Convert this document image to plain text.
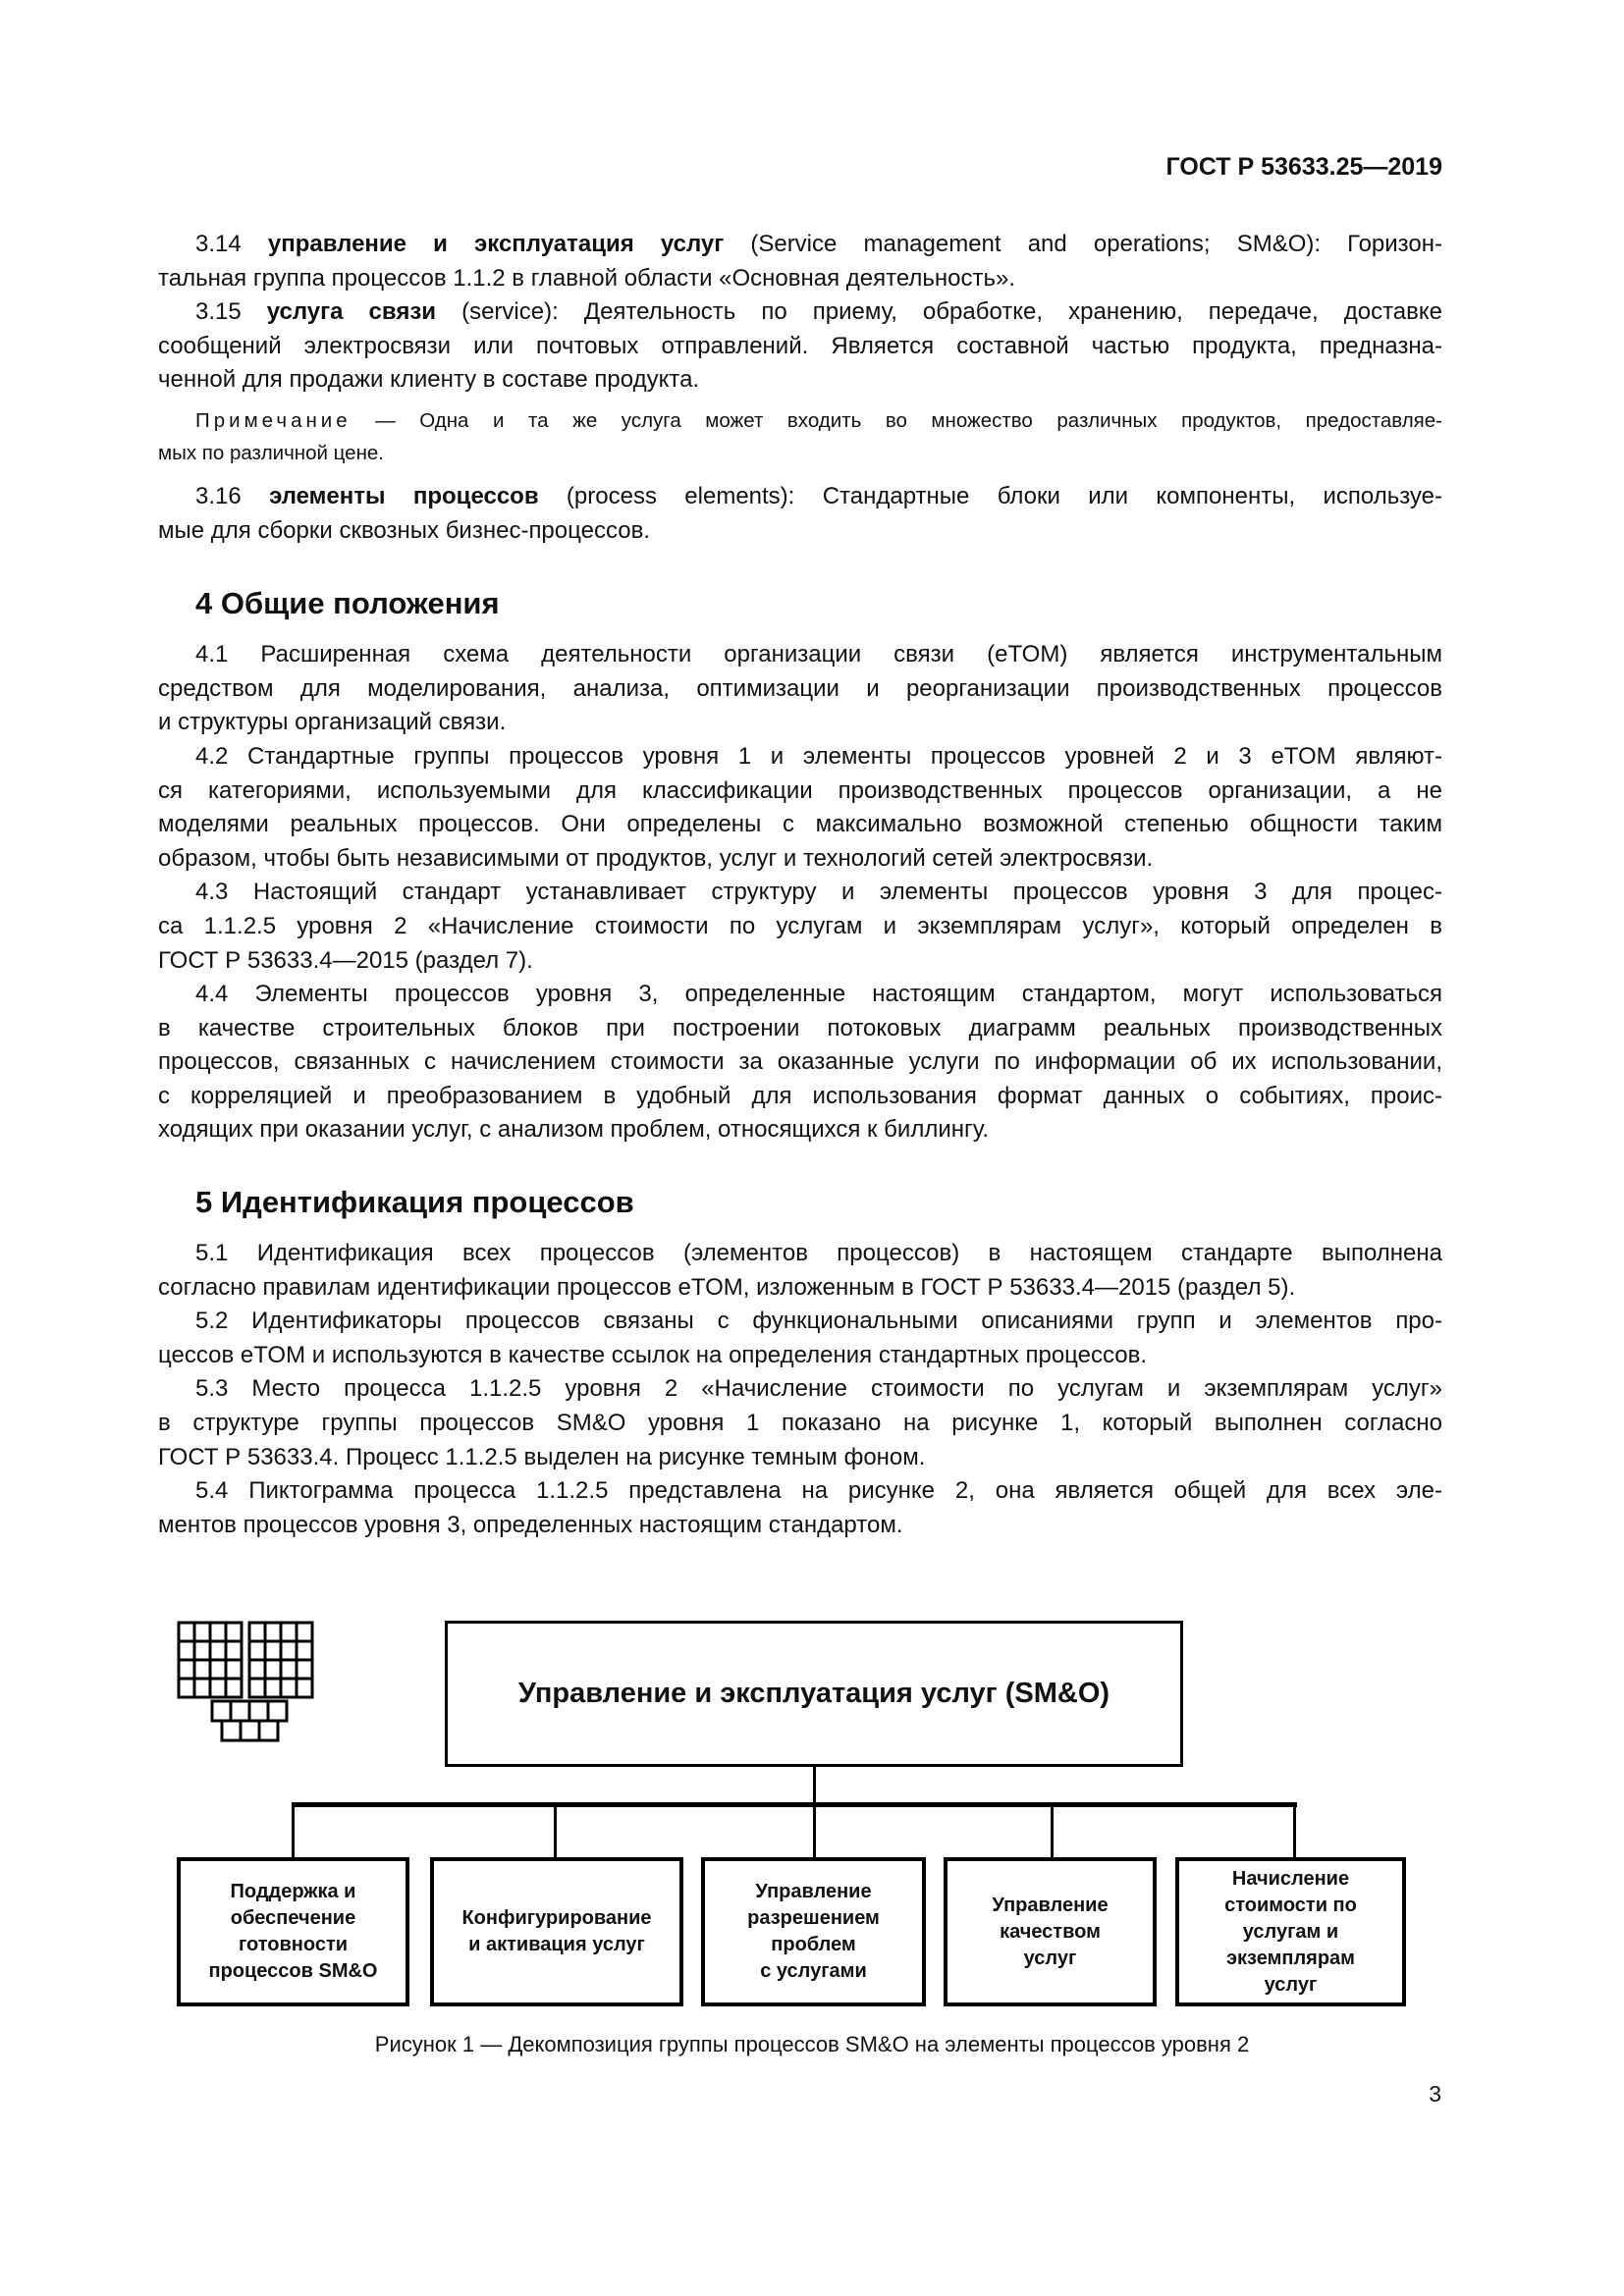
ГОСТ Р 53633.25—2019
3.14 управление и эксплуатация услуг (Service management and operations; SM&O): Горизон-
тальная группа процессов 1.1.2 в главной области «Основная деятельность».
3.15 услуга связи (service): Деятельность по приему, обработке, хранению, передаче, доставке
сообщений электросвязи или почтовых отправлений. Является составной частью продукта, предназна-
ченной для продажи клиенту в составе продукта.
Примечание — Одна и та же услуга может входить во множество различных продуктов, предоставляе-
мых по различной цене.
3.16 элементы процессов (process elements): Стандартные блоки или компоненты, используе-
мые для сборки сквозных бизнес-процессов.
4 Общие положения
4.1 Расширенная схема деятельности организации связи (eTOM) является инструментальным
средством для моделирования, анализа, оптимизации и реорганизации производственных процессов
и структуры организаций связи.
4.2 Стандартные группы процессов уровня 1 и элементы процессов уровней 2 и 3 eTOM являют-
ся категориями, используемыми для классификации производственных процессов организации, а не
моделями реальных процессов. Они определены с максимально возможной степенью общности таким
образом, чтобы быть независимыми от продуктов, услуг и технологий сетей электросвязи.
4.3 Настоящий стандарт устанавливает структуру и элементы процессов уровня 3 для процес-
са 1.1.2.5 уровня 2 «Начисление стоимости по услугам и экземплярам услуг», который определен в
ГОСТ Р 53633.4—2015 (раздел 7).
4.4 Элементы процессов уровня 3, определенные настоящим стандартом, могут использоваться
в качестве строительных блоков при построении потоковых диаграмм реальных производственных
процессов, связанных с начислением стоимости за оказанные услуги по информации об их использовании,
с корреляцией и преобразованием в удобный для использования формат данных о событиях, проис-
ходящих при оказании услуг, с анализом проблем, относящихся к биллингу.
5 Идентификация процессов
5.1 Идентификация всех процессов (элементов процессов) в настоящем стандарте выполнена
согласно правилам идентификации процессов eTOM, изложенным в ГОСТ Р 53633.4—2015 (раздел 5).
5.2 Идентификаторы процессов связаны с функциональными описаниями групп и элементов про-
цессов eTOM и используются в качестве ссылок на определения стандартных процессов.
5.3 Место процесса 1.1.2.5 уровня 2 «Начисление стоимости по услугам и экземплярам услуг»
в структуре группы процессов SM&O уровня 1 показано на рисунке 1, который выполнен согласно
ГОСТ Р 53633.4. Процесс 1.1.2.5 выделен на рисунке темным фоном.
5.4 Пиктограмма процесса 1.1.2.5 представлена на рисунке 2, она является общей для всех эле-
ментов процессов уровня 3, определенных настоящим стандартом.
Управление и эксплуатация услуг (SM&O)
Поддержка и
обеспечение
готовности
процессов SM&O
Конфигурирование
и активация услуг
Управление
разрешением
проблем
с услугами
Управление
качеством
услуг
Начисление
стоимости по
услугам и
экземплярам
услуг
Рисунок 1 — Декомпозиция группы процессов SM&O на элементы процессов уровня 2
3
